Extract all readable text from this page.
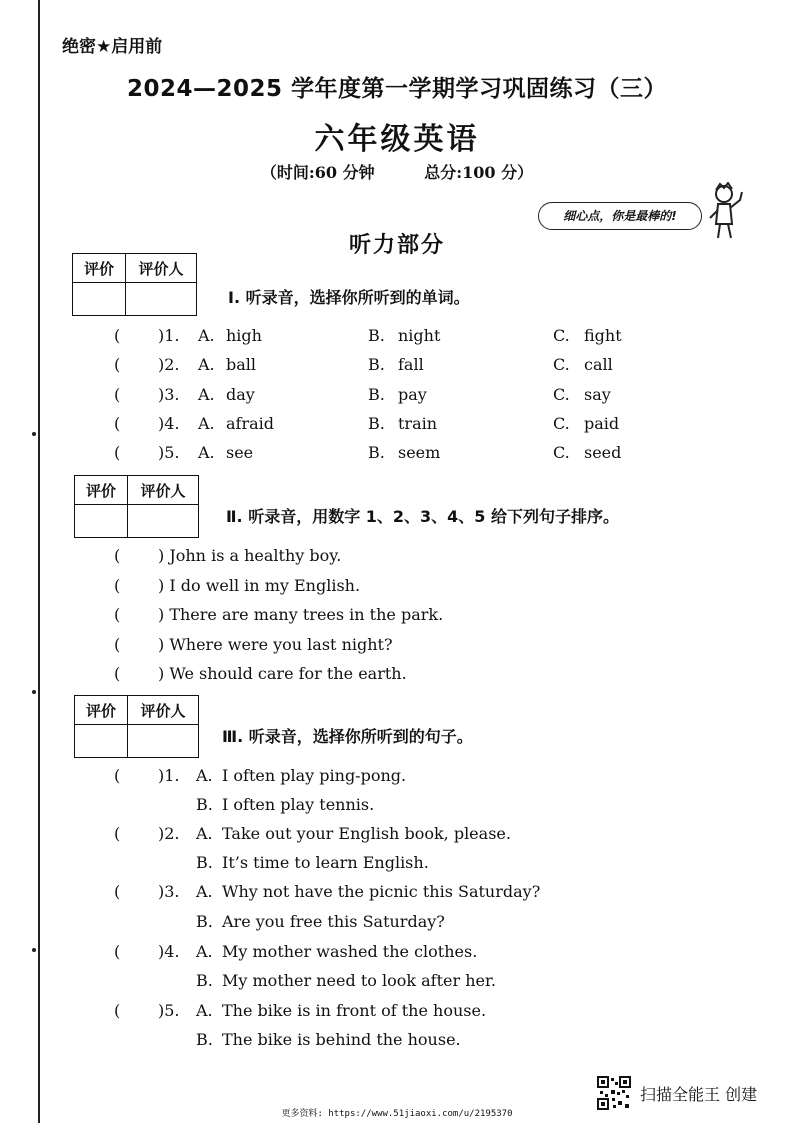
绝密★启用前
2024—2025 学年度第一学期学习巩固练习（三）
六年级英语
（时间:60 分钟	总分:100 分）
细心点，你是最棒的!
听力部分
评价	评价人

Ⅰ. 听录音，选择你所听到的单词。
( )1. A. high	B. night	C. fight
( )2. A. ball	B. fall	C. call
( )3. A. day	B. pay	C. say
( )4. A. afraid	B. train	C. paid
( )5. A. see	B. seem	C. seed
评价	评价人

Ⅱ. 听录音，用数字 1、2、3、4、5 给下列句子排序。
( ) John is a healthy boy.
( ) I do well in my English.
( ) There are many trees in the park.
( ) Where were you last night?
( ) We should care for the earth.
评价	评价人

Ⅲ. 听录音，选择你所听到的句子。
( )1. A. I often play ping-pong.
B. I often play tennis.
( )2. A. Take out your English book, please.
B. It’s time to learn English.
( )3. A. Why not have the picnic this Saturday?
B. Are you free this Saturday?
( )4. A. My mother washed the clothes.
B. My mother need to look after her.
( )5. A. The bike is in front of the house.
B. The bike is behind the house.
扫描全能王 创建
更多资料: https://www.51jiaoxi.com/u/2195370
